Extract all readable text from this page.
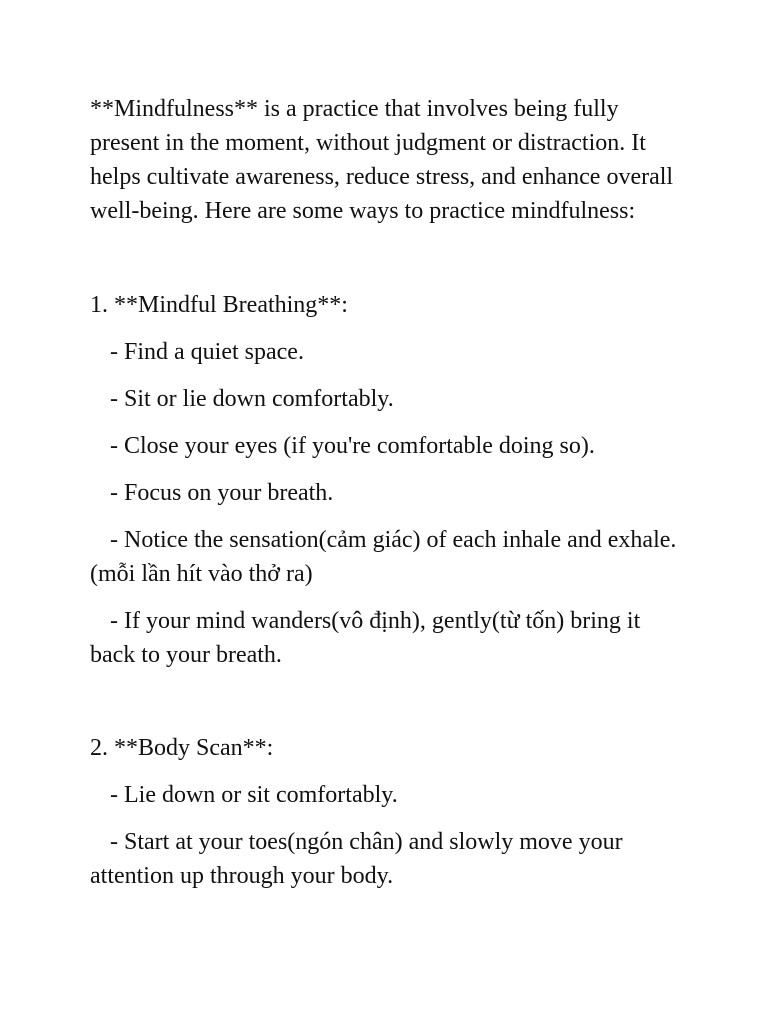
**Mindfulness** is a practice that involves being fully present in the moment, without judgment or distraction. It helps cultivate awareness, reduce stress, and enhance overall well-being. Here are some ways to practice mindfulness:

1. **Mindful Breathing**:

- Find a quiet space.

- Sit or lie down comfortably.

- Close your eyes (if you're comfortable doing so).

- Focus on your breath.

- Notice the sensation(cảm giác) of each inhale and exhale.(mỗi lần hít vào thở ra)

- If your mind wanders(vô định), gently(từ tốn) bring it back to your breath.

2. **Body Scan**:

- Lie down or sit comfortably.

- Start at your toes(ngón chân) and slowly move your attention up through your body.
